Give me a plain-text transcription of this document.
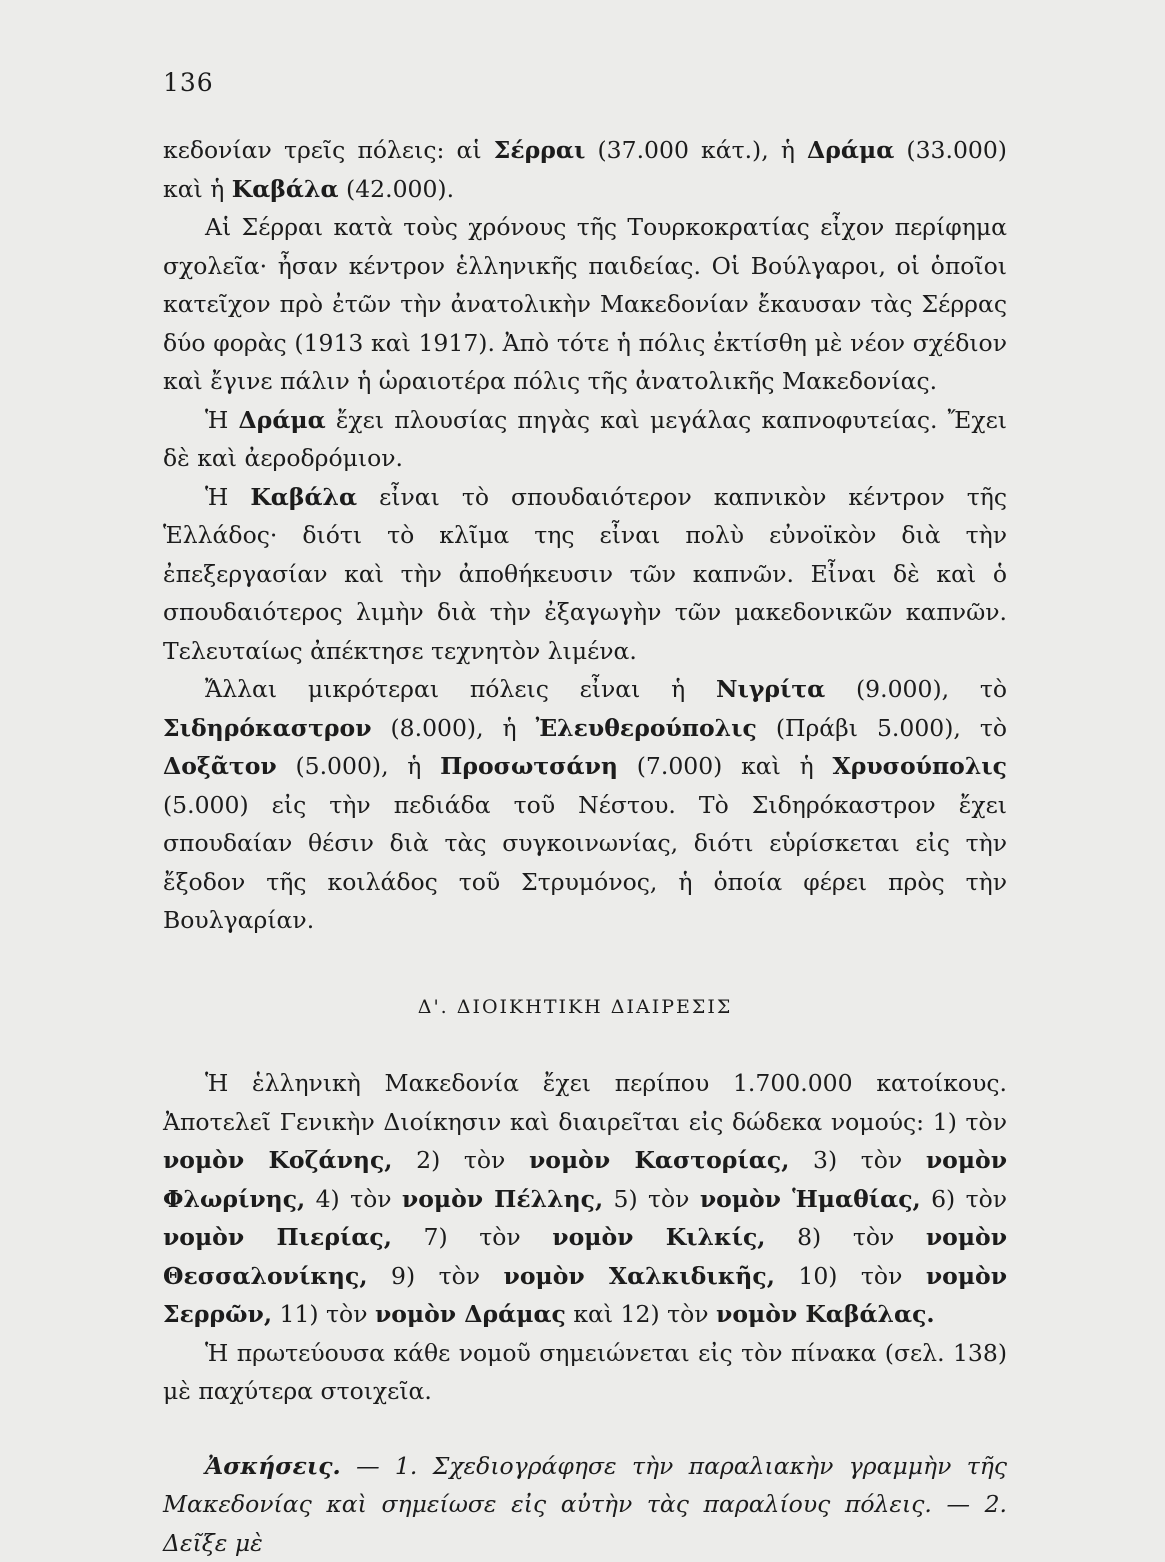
136

κεδονίαν τρεῖς πόλεις: αἱ Σέρραι (37.000 κάτ.), ἡ Δράμα (33.000) καὶ ἡ Καβάλα (42.000).

Αἱ Σέρραι κατὰ τοὺς χρόνους τῆς Τουρκοκρατίας εἶχον περίφημα σχολεῖα· ἦσαν κέντρον ἑλληνικῆς παιδείας. Οἱ Βούλγαροι, οἱ ὁποῖοι κατεῖχον πρὸ ἐτῶν τὴν ἀνατολικὴν Μακεδονίαν ἔκαυσαν τὰς Σέρρας δύο φορὰς (1913 καὶ 1917). Ἀπὸ τότε ἡ πόλις ἐκτίσθη μὲ νέον σχέδιον καὶ ἔγινε πάλιν ἡ ὡραιοτέρα πόλις τῆς ἀνατολικῆς Μακεδονίας.

Ἡ Δράμα ἔχει πλουσίας πηγὰς καὶ μεγάλας καπνοφυτείας. Ἔχει δὲ καὶ ἀεροδρόμιον.

Ἡ Καβάλα εἶναι τὸ σπουδαιότερον καπνικὸν κέντρον τῆς Ἑλλάδος· διότι τὸ κλῖμα της εἶναι πολὺ εὐνοϊκὸν διὰ τὴν ἐπεξεργασίαν καὶ τὴν ἀποθήκευσιν τῶν καπνῶν. Εἶναι δὲ καὶ ὁ σπουδαιότερος λιμὴν διὰ τὴν ἐξαγωγὴν τῶν μακεδονικῶν καπνῶν. Τελευταίως ἀπέκτησε τεχνητὸν λιμένα.

Ἄλλαι μικρότεραι πόλεις εἶναι ἡ Νιγρίτα (9.000), τὸ Σιδηρόκαστρον (8.000), ἡ Ἐλευθερούπολις (Πράβι 5.000), τὸ Δοξᾶτον (5.000), ἡ Προσωτσάνη (7.000) καὶ ἡ Χρυσούπολις (5.000) εἰς τὴν πεδιάδα τοῦ Νέστου. Τὸ Σιδηρόκαστρον ἔχει σπουδαίαν θέσιν διὰ τὰς συγκοινωνίας, διότι εὑρίσκεται εἰς τὴν ἔξοδον τῆς κοιλάδος τοῦ Στρυμόνος, ἡ ὁποία φέρει πρὸς τὴν Βουλγαρίαν.

Δ'. ΔΙΟΙΚΗΤΙΚΗ ΔΙΑΙΡΕΣΙΣ

Ἡ ἑλληνικὴ Μακεδονία ἔχει περίπου 1.700.000 κατοίκους. Ἀποτελεῖ Γενικὴν Διοίκησιν καὶ διαιρεῖται εἰς δώδεκα νομούς: 1) τὸν νομὸν Κοζάνης, 2) τὸν νομὸν Καστορίας, 3) τὸν νομὸν Φλωρίνης, 4) τὸν νομὸν Πέλλης, 5) τὸν νομὸν Ἡμαθίας, 6) τὸν νομὸν Πιερίας, 7) τὸν νομὸν Κιλκίς, 8) τὸν νομὸν Θεσσαλονίκης, 9) τὸν νομὸν Χαλκιδικῆς, 10) τὸν νομὸν Σερρῶν, 11) τὸν νομὸν Δράμας καὶ 12) τὸν νομὸν Καβάλας.

Ἡ πρωτεύουσα κάθε νομοῦ σημειώνεται εἰς τὸν πίνακα (σελ. 138) μὲ παχύτερα στοιχεῖα.

Ἀσκήσεις. — 1. Σχεδιογράφησε τὴν παραλιακὴν γραμμὴν τῆς Μακεδονίας καὶ σημείωσε εἰς αὐτὴν τὰς παραλίους πόλεις. — 2. Δεῖξε μὲ
